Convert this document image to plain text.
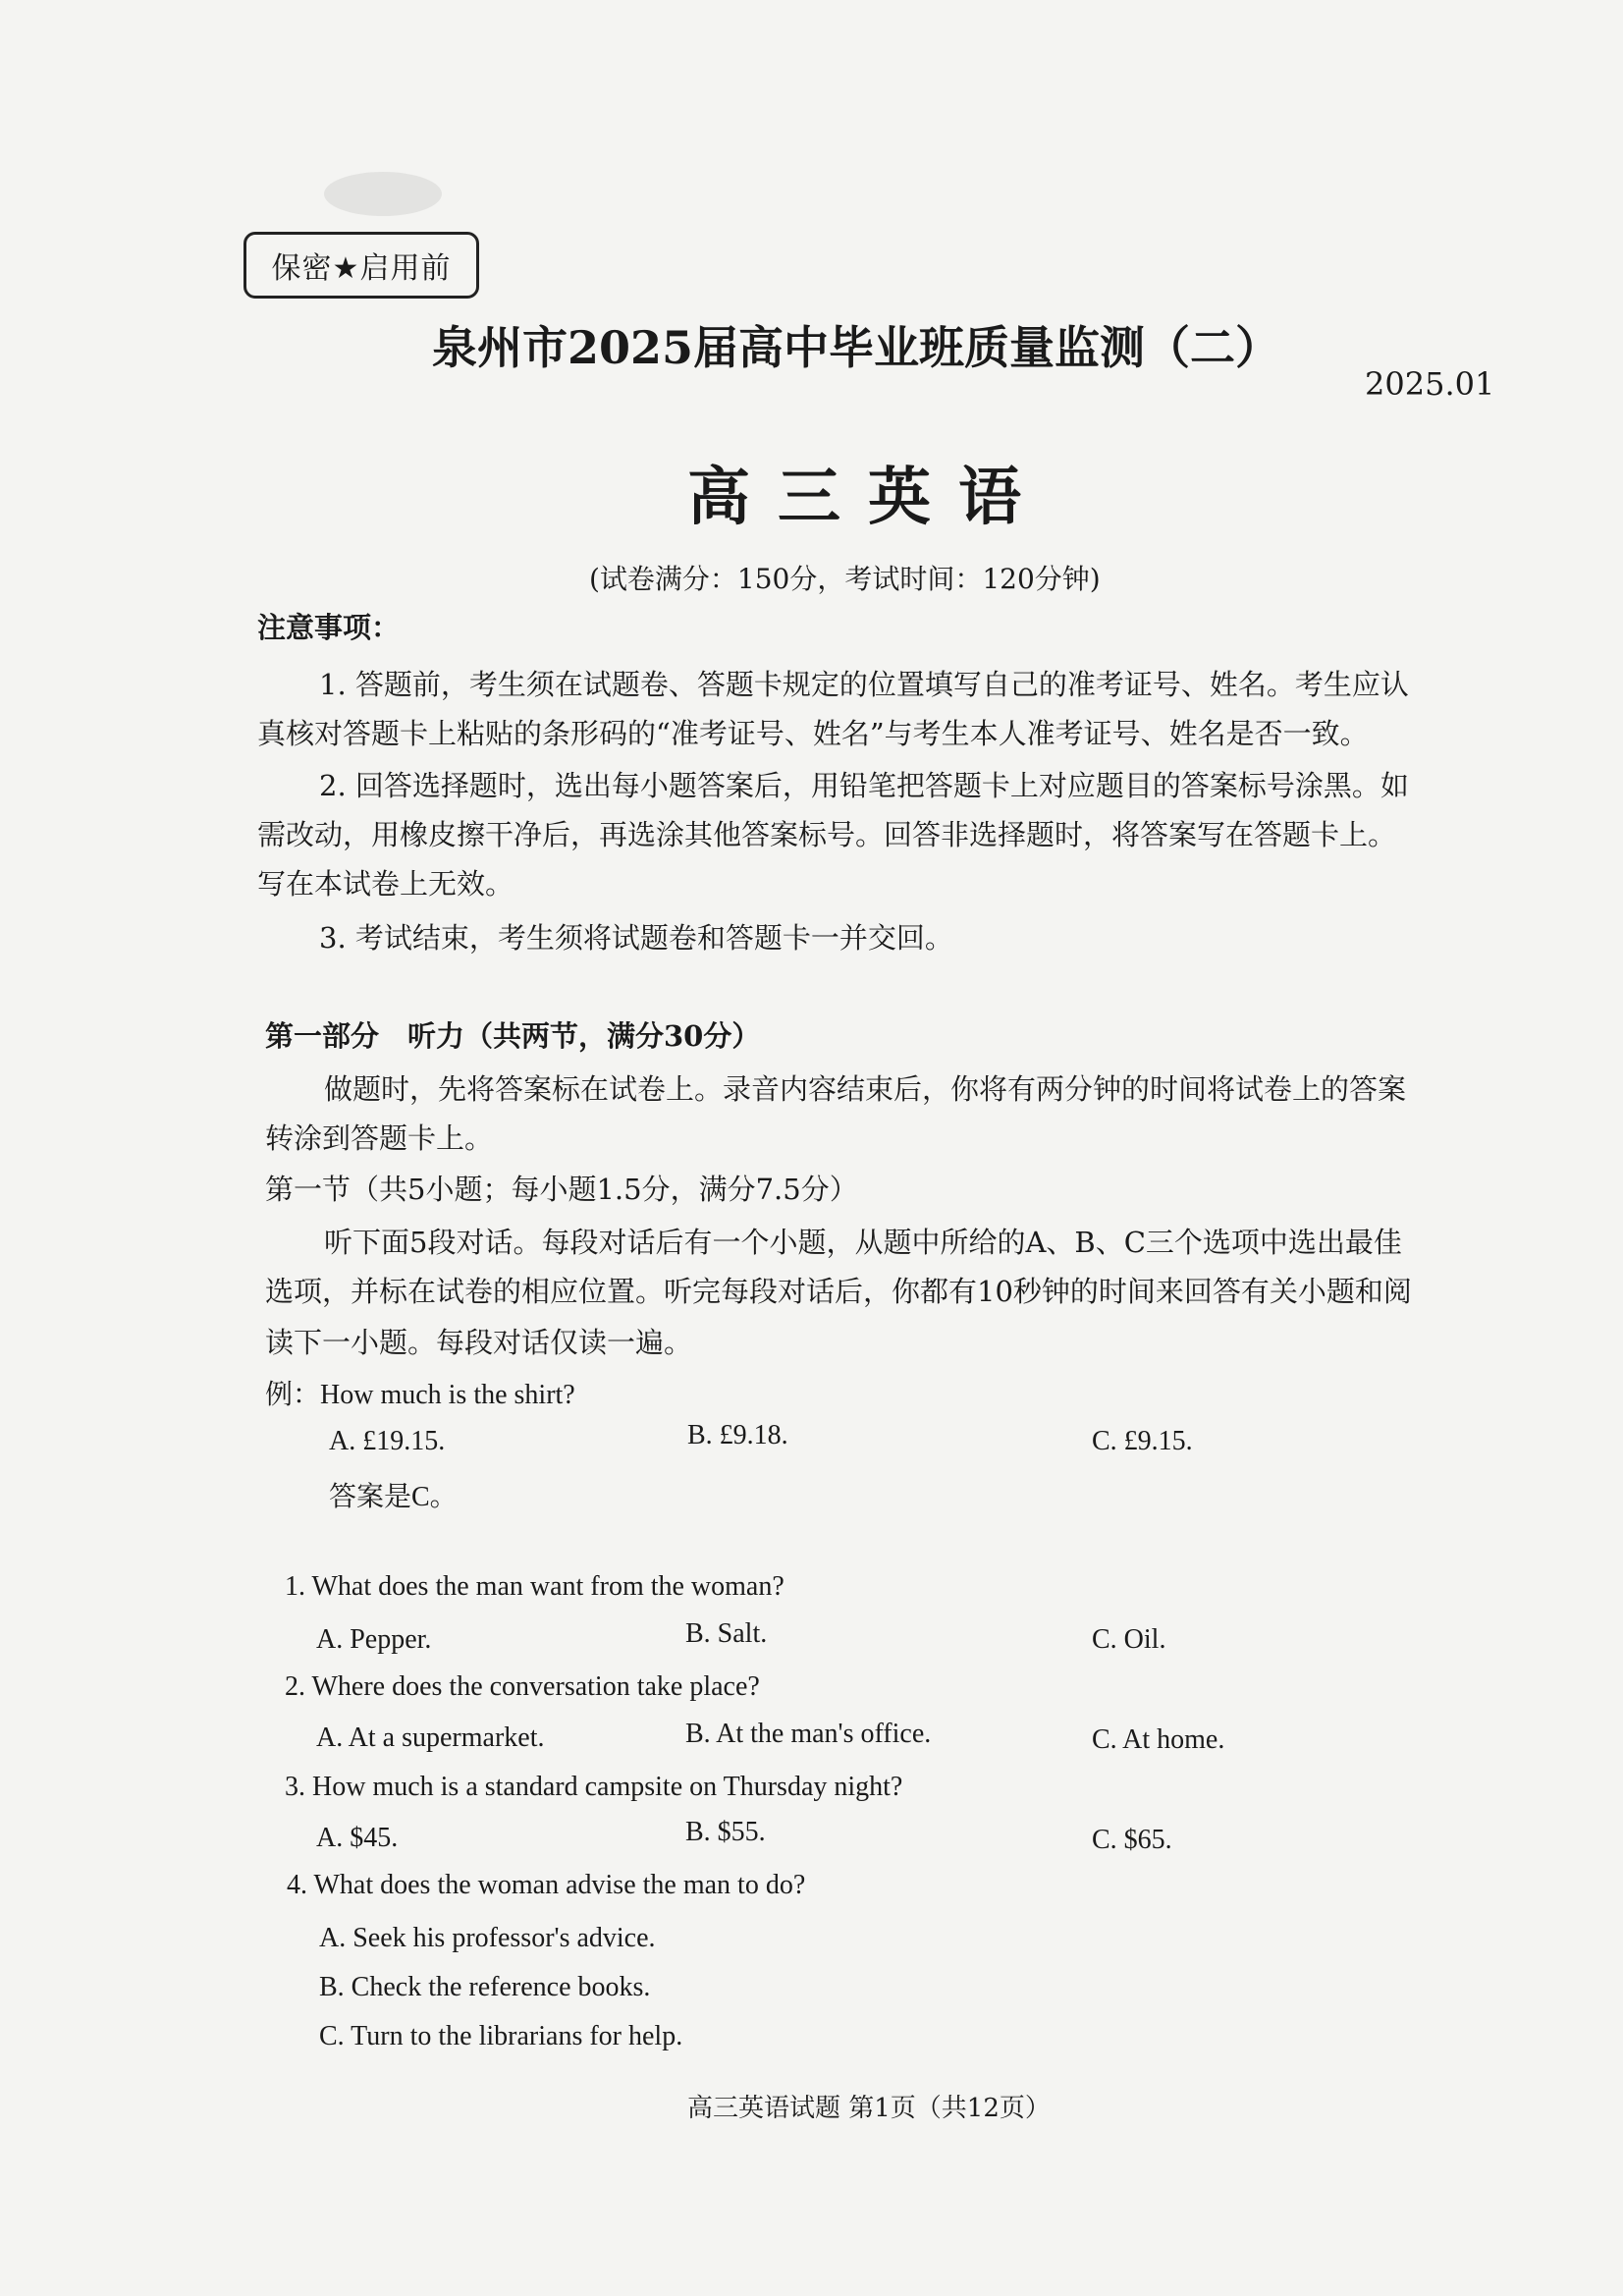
保密★启用前
泉州市2025届高中毕业班质量监测（二）
2025.01
高三英语
(试卷满分：150分，考试时间：120分钟)
注意事项：
1. 答题前，考生须在试题卷、答题卡规定的位置填写自己的准考证号、姓名。考生应认
真核对答题卡上粘贴的条形码的“准考证号、姓名”与考生本人准考证号、姓名是否一致。
2. 回答选择题时，选出每小题答案后，用铅笔把答题卡上对应题目的答案标号涂黑。如
需改动，用橡皮擦干净后，再选涂其他答案标号。回答非选择题时，将答案写在答题卡上。
写在本试卷上无效。
3. 考试结束，考生须将试题卷和答题卡一并交回。
第一部分　听力（共两节，满分30分）
做题时，先将答案标在试卷上。录音内容结束后，你将有两分钟的时间将试卷上的答案
转涂到答题卡上。
第一节（共5小题；每小题1.5分，满分7.5分）
听下面5段对话。每段对话后有一个小题，从题中所给的A、B、C三个选项中选出最佳
选项，并标在试卷的相应位置。听完每段对话后，你都有10秒钟的时间来回答有关小题和阅
读下一小题。每段对话仅读一遍。
例：How much is the shirt?
A. £19.15.	B. £9.18.	C. £9.15.
答案是C。
1. What does the man want from the woman?
A. Pepper.	B. Salt.	C. Oil.
2. Where does the conversation take place?
A. At a supermarket.	B. At the man's office.	C. At home.
3. How much is a standard campsite on Thursday night?
A. $45.	B. $55.	C. $65.
4. What does the woman advise the man to do?
A. Seek his professor's advice.
B. Check the reference books.
C. Turn to the librarians for help.
高三英语试题 第1页（共12页）
